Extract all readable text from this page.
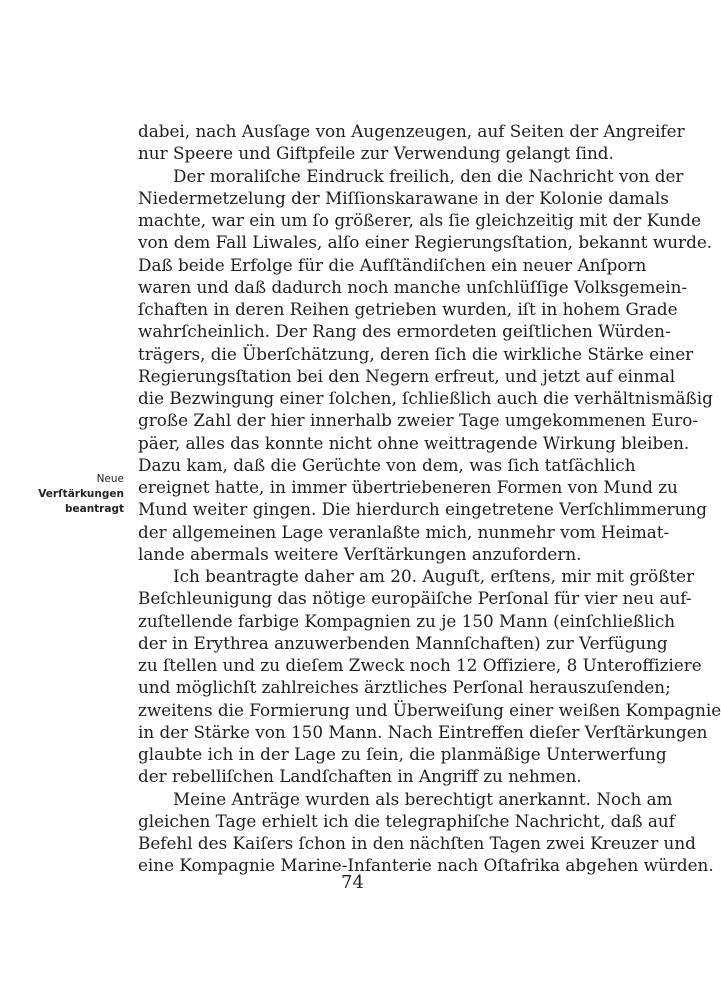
dabei, nach Ausſage von Augenzeugen, auf Seiten der Angreifer
nur Speere und Giftpfeile zur Verwendung gelangt ſind.
Der moraliſche Eindruck freilich, den die Nachricht von der
Niedermetzelung der Miſſionskarawane in der Kolonie damals
machte, war ein um ſo größerer, als ſie gleichzeitig mit der Kunde
von dem Fall Liwales, alſo einer Regierungsſtation, bekannt wurde.
Daß beide Erfolge für die Aufſtändiſchen ein neuer Anſporn
waren und daß dadurch noch manche unſchlüſſige Volksgemein-
ſchaften in deren Reihen getrieben wurden, iſt in hohem Grade
wahrſcheinlich. Der Rang des ermordeten geiſtlichen Würden-
trägers, die Überſchätzung, deren ſich die wirkliche Stärke einer
Regierungsſtation bei den Negern erfreut, und jetzt auf einmal
die Bezwingung einer ſolchen, ſchließlich auch die verhältnismäßig
große Zahl der hier innerhalb zweier Tage umgekommenen Euro-
päer, alles das konnte nicht ohne weittragende Wirkung bleiben.
Dazu kam, daß die Gerüchte von dem, was ſich tatſächlich
ereignet hatte, in immer übertriebeneren Formen von Mund zu
Mund weiter gingen. Die hierdurch eingetretene Verſchlimmerung
der allgemeinen Lage veranlaßte mich, nunmehr vom Heimat-
lande abermals weitere Verſtärkungen anzufordern.
Ich beantragte daher am 20. Auguſt, erſtens, mir mit größter
Beſchleunigung das nötige europäiſche Perſonal für vier neu auf-
zuſtellende farbige Kompagnien zu je 150 Mann (einſchließlich
der in Erythrea anzuwerbenden Mannſchaften) zur Verfügung
zu ſtellen und zu dieſem Zweck noch 12 Offiziere, 8 Unteroffiziere
und möglichſt zahlreiches ärztliches Perſonal herauszuſenden;
zweitens die Formierung und Überweiſung einer weißen Kompagnie
in der Stärke von 150 Mann. Nach Eintreffen dieſer Verſtärkungen
glaubte ich in der Lage zu ſein, die planmäßige Unterwerfung
der rebelliſchen Landſchaften in Angriff zu nehmen.
Meine Anträge wurden als berechtigt anerkannt. Noch am
gleichen Tage erhielt ich die telegraphiſche Nachricht, daß auf
Befehl des Kaiſers ſchon in den nächſten Tagen zwei Kreuzer und
eine Kompagnie Marine-Infanterie nach Oſtafrika abgehen würden.
Neue
Verſtärkungen
beantragt
74
